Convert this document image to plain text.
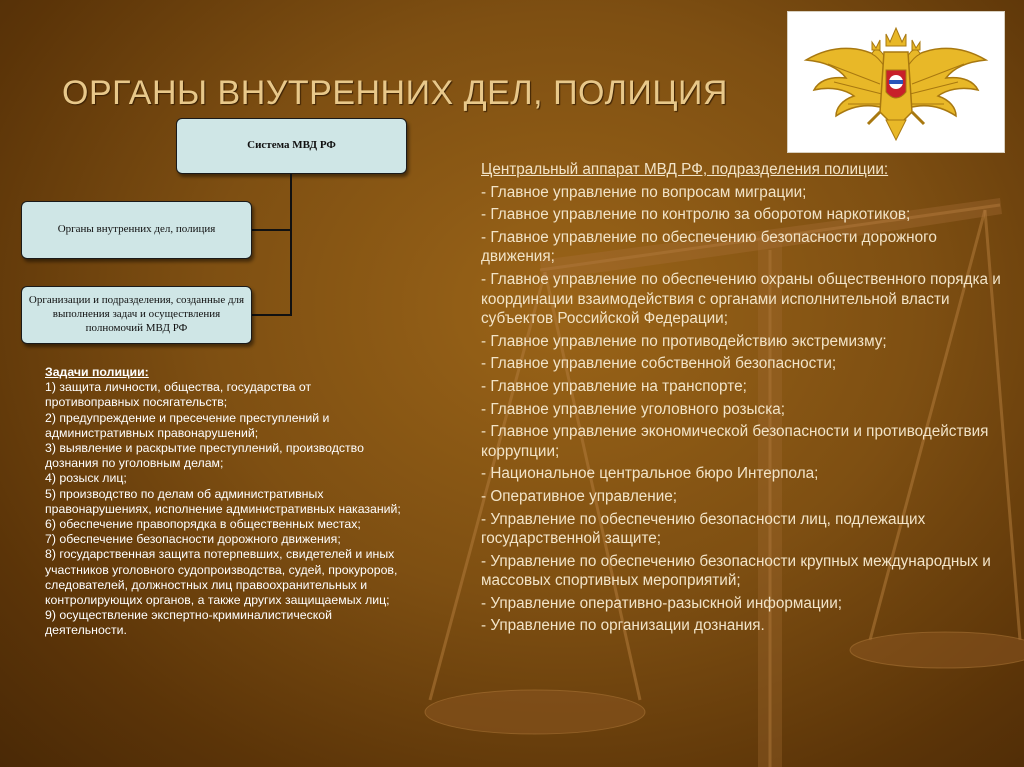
ОРГАНЫ ВНУТРЕННИХ ДЕЛ, ПОЛИЦИЯ
Система МВД РФ
Органы внутренних дел, полиция
Организации и подразделения, созданные для выполнения задач и осуществления полномочий МВД РФ
Задачи полиции:
1) защита личности, общества, государства от
противоправных посягательств;
2) предупреждение и пресечение преступлений и
административных правонарушений;
3) выявление и раскрытие преступлений, производство
дознания по уголовным делам;
4) розыск лиц;
5) производство по делам об административных
правонарушениях, исполнение административных наказаний;
6) обеспечение правопорядка в общественных местах;
7) обеспечение безопасности дорожного движения;
8) государственная защита потерпевших, свидетелей и иных
участников уголовного судопроизводства, судей, прокуроров,
следователей, должностных лиц правоохранительных и
контролирующих органов, а также других защищаемых лиц;
9) осуществление экспертно-криминалистической
деятельности.
Центральный аппарат МВД РФ, подразделения полиции:
- Главное управление по вопросам миграции;
- Главное управление по контролю за оборотом наркотиков;
- Главное управление по обеспечению безопасности дорожного движения;
- Главное управление по обеспечению охраны общественного порядка и координации взаимодействия с органами исполнительной власти субъектов Российской Федерации;
- Главное управление по противодействию экстремизму;
- Главное управление собственной безопасности;
- Главное управление на транспорте;
- Главное управление уголовного розыска;
- Главное управление экономической безопасности и противодействия коррупции;
- Национальное центральное бюро Интерпола;
- Оперативное управление;
- Управление по обеспечению безопасности лиц, подлежащих государственной защите;
- Управление по обеспечению безопасности крупных международных и массовых спортивных мероприятий;
- Управление оперативно-разыскной информации;
- Управление по организации дознания.
